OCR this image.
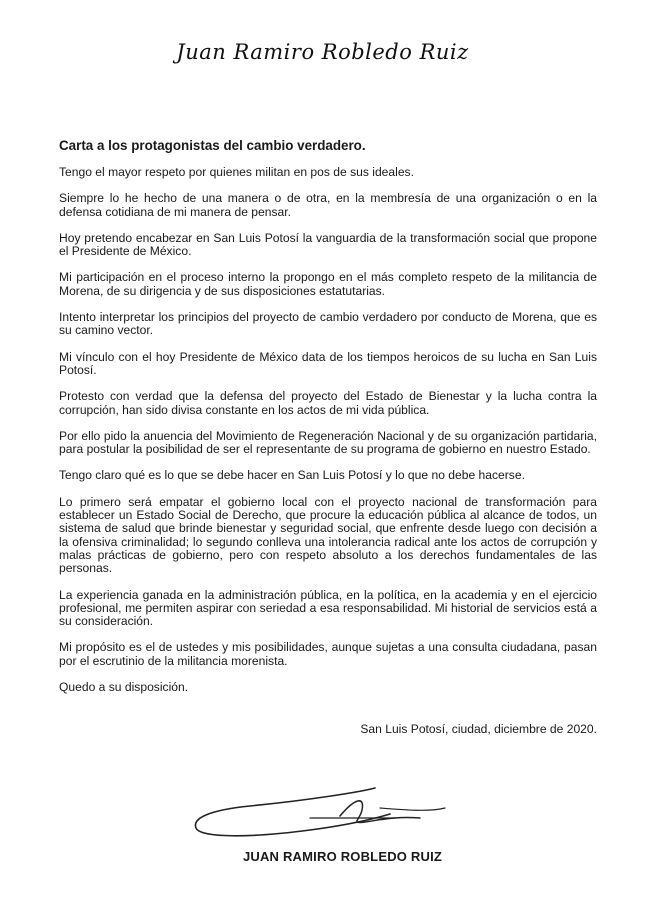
Juan Ramiro Robledo Ruiz
Carta a los protagonistas del cambio verdadero.

Tengo el mayor respeto por quienes militan en pos de sus ideales.

Siempre lo he hecho de una manera o de otra, en la membresía de una organización o en la defensa cotidiana de mi manera de pensar.

Hoy pretendo encabezar en San Luis Potosí la vanguardia de la transformación social que propone el Presidente de México.

Mi participación en el proceso interno la propongo en el más completo respeto de la militancia de Morena, de su dirigencia y de sus disposiciones estatutarias.

Intento interpretar los principios del proyecto de cambio verdadero por conducto de Morena, que es su camino vector.

Mi vínculo con el hoy Presidente de México data de los tiempos heroicos de su lucha en San Luis Potosí.

Protesto con verdad que la defensa del proyecto del Estado de Bienestar y la lucha contra la corrupción, han sido divisa constante en los actos de mi vida pública.

Por ello pido la anuencia del Movimiento de Regeneración Nacional y de su organización partidaria, para postular la posibilidad de ser el representante de su programa de gobierno en nuestro Estado.

Tengo claro qué es lo que se debe hacer en San Luis Potosí y lo que no debe hacerse.

Lo primero será empatar el gobierno local con el proyecto nacional de transformación para establecer un Estado Social de Derecho, que procure la educación pública al alcance de todos, un sistema de salud que brinde bienestar y seguridad social, que enfrente desde luego con decisión a la ofensiva criminalidad; lo segundo conlleva una intolerancia radical ante los actos de corrupción y malas prácticas de gobierno, pero con respeto absoluto a los derechos fundamentales de las personas.

La experiencia ganada en la administración pública, en la política, en la academia y en el ejercicio profesional, me permiten aspirar con seriedad a esa responsabilidad. Mi historial de servicios está a su consideración.

Mi propósito es el de ustedes y mis posibilidades, aunque sujetas a una consulta ciudadana, pasan por el escrutinio de la militancia morenista.

Quedo a su disposición.

San Luis Potosí, ciudad, diciembre de 2020.
JUAN RAMIRO ROBLEDO RUIZ
